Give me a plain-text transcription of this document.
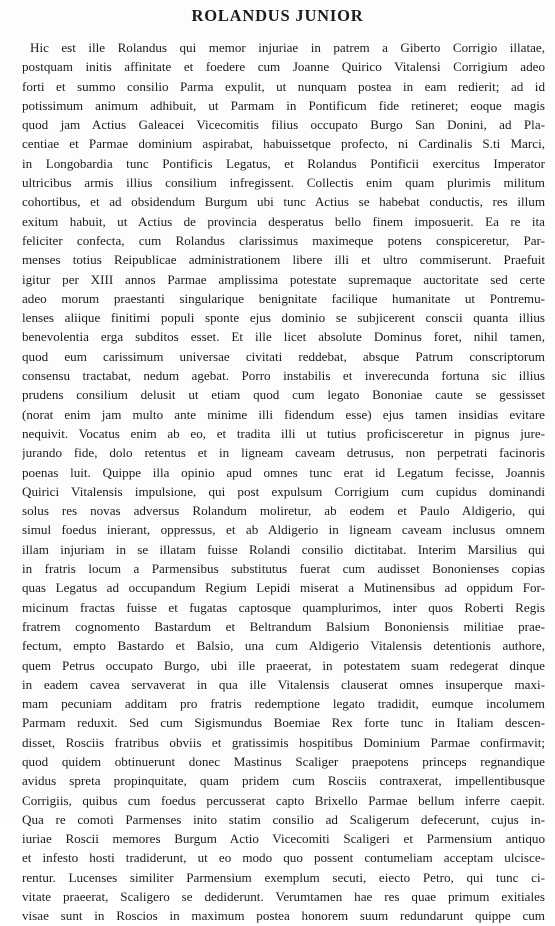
ROLANDUS JUNIOR
Hic est ille Rolandus qui memor injuriae in patrem a Giberto Corrigio illatae,
postquam initis affinitate et foedere cum Joanne Quirico Vitalensi Corrigium adeo
forti et summo consilio Parma expulit, ut nunquam postea in eam redierit; ad id
potissimum animum adhibuit, ut Parmam in Pontificum fide retineret; eoque magis
quod jam Actius Galeacei Vicecomitis filius occupato Burgo San Donini, ad Pla-
centiae et Parmae dominium aspirabat, habuissetque profecto, ni Cardinalis S.ti Marci,
in Longobardia tunc Pontificis Legatus, et Rolandus Pontificii exercitus Imperator
ultricibus armis illius consilium infregissent. Collectis enim quam plurimis militum
cohortibus, et ad obsidendum Burgum ubi tunc Actius se habebat conductis, res illum
exitum habuit, ut Actius de provincia desperatus bello finem imposuerit. Ea re ita
feliciter confecta, cum Rolandus clarissimus maximeque potens conspiceretur, Par-
menses totius Reipublicae administrationem libere illi et ultro commiserunt. Praefuit
igitur per XIII annos Parmae amplissima potestate supremaque auctoritate sed certe
adeo morum praestanti singularique benignitate facilique humanitate ut Pontremu-
lenses aliique finitimi populi sponte ejus dominio se subjicerent conscii quanta illius
benevolentia erga subditos esset. Et ille licet absolute Dominus foret, nihil tamen,
quod eum carissimum universae civitati reddebat, absque Patrum conscriptorum
consensu tractabat, nedum agebat. Porro instabilis et inverecunda fortuna sic illius
prudens consilium delusit ut etiam quod cum legato Bononiae caute se gessisset
(norat enim jam multo ante minime illi fidendum esse) ejus tamen insidias evitare
nequivit. Vocatus enim ab eo, et tradita illi ut tutius proficisceretur in pignus jure-
jurando fide, dolo retentus et in ligneam caveam detrusus, non perpetrati facinoris
poenas luit. Quippe illa opinio apud omnes tunc erat id Legatum fecisse, Joannis
Quirici Vitalensis impulsione, qui post expulsum Corrigium cum cupidus dominandi
solus res novas adversus Rolandum moliretur, ab eodem et Paulo Aldigerio, qui
simul foedus inierant, oppressus, et ab Aldigerio in ligneam caveam inclusus omnem
illam injuriam in se illatam fuisse Rolandi consilio dictitabat. Interim Marsilius qui
in fratris locum a Parmensibus substitutus fuerat cum audisset Bononienses copias
quas Legatus ad occupandum Regium Lepidi miserat a Mutinensibus ad oppidum For-
micinum fractas fuisse et fugatas captosque quamplurimos, inter quos Roberti Regis
fratrem cognomento Bastardum et Beltrandum Balsium Bononiensis militiae prae-
fectum, empto Bastardo et Balsio, una cum Aldigerio Vitalensis detentionis authore,
quem Petrus occupato Burgo, ubi ille praeerat, in potestatem suam redegerat dinque
in eadem cavea servaverat in qua ille Vitalensis clauserat omnes insuperque maxi-
mam pecuniam additam pro fratris redemptione legato tradidit, eumque incolumem
Parmam reduxit. Sed cum Sigismundus Boemiae Rex forte tunc in Italiam descen-
disset, Rosciis fratribus obviis et gratissimis hospitibus Dominium Parmae confirmavit;
quod quidem obtinuerunt donec Mastinus Scaliger praepotens princeps regnandique
avidus spreta propinquitate, quam pridem cum Rosciis contraxerat, impellentibusque
Corrigiis, quibus cum foedus percusserat capto Brixello Parmae bellum inferre caepit.
Qua re comoti Parmenses inito statim consilio ad Scaligerum defecerunt, cujus in-
iuriae Roscii memores Burgum Actio Vicecomiti Scaligeri et Parmensium antiquo
et infesto hosti tradiderunt, ut eo modo quo possent contumeliam acceptam ulcisce-
rentur. Lucenses similiter Parmensium exemplum secuti, eiecto Petro, qui tunc ci-
vitate praeerat, Scaligero se dediderunt. Verumtamen hae res quae primum exitiales
visae sunt in Roscios in maximum postea honorem suum redundarunt quippe cum
